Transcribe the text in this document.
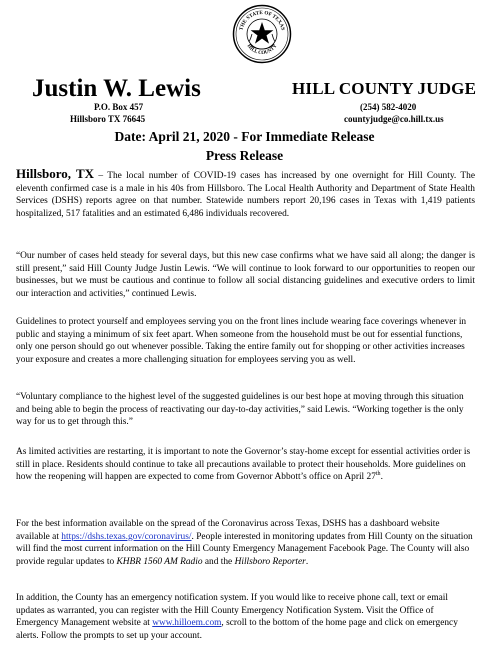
THE STATE OF TEXAS
HILL COUNTY
Justin W. Lewis
P.O. Box 457
Hillsboro TX 76645
HILL COUNTY JUDGE
(254) 582-4020
countyjudge@co.hill.tx.us
Date: April 21, 2020 - For Immediate Release
Press Release

Hillsboro, TX – The local number of COVID-19 cases has increased by one overnight for Hill County. The eleventh confirmed case is a male in his 40s from Hillsboro. The Local Health Authority and Department of State Health Services (DSHS) reports agree on that number. Statewide numbers report 20,196 cases in Texas with 1,419 patients hospitalized, 517 fatalities and an estimated 6,486 individuals recovered.

“Our number of cases held steady for several days, but this new case confirms what we have said all along; the danger is still present,” said Hill County Judge Justin Lewis. “We will continue to look forward to our opportunities to reopen our businesses, but we must be cautious and continue to follow all social distancing guidelines and executive orders to limit our interaction and activities,” continued Lewis.

Guidelines to protect yourself and employees serving you on the front lines include wearing face coverings whenever in public and staying a minimum of six feet apart. When someone from the household must be out for essential functions, only one person should go out whenever possible. Taking the entire family out for shopping or other activities increases your exposure and creates a more challenging situation for employees serving you as well.

“Voluntary compliance to the highest level of the suggested guidelines is our best hope at moving through this situation and being able to begin the process of reactivating our day-to-day activities,” said Lewis. “Working together is the only way for us to get through this.”

As limited activities are restarting, it is important to note the Governor’s stay-home except for essential activities order is still in place. Residents should continue to take all precautions available to protect their households. More guidelines on how the reopening will happen are expected to come from Governor Abbott’s office on April 27th.

For the best information available on the spread of the Coronavirus across Texas, DSHS has a dashboard website available at https://dshs.texas.gov/coronavirus/. People interested in monitoring updates from Hill County on the situation will find the most current information on the Hill County Emergency Management Facebook Page. The County will also provide regular updates to KHBR 1560 AM Radio and the Hillsboro Reporter.

In addition, the County has an emergency notification system. If you would like to receive phone call, text or email updates as warranted, you can register with the Hill County Emergency Notification System. Visit the Office of Emergency Management website at www.hilloem.com, scroll to the bottom of the home page and click on emergency alerts. Follow the prompts to set up your account.
